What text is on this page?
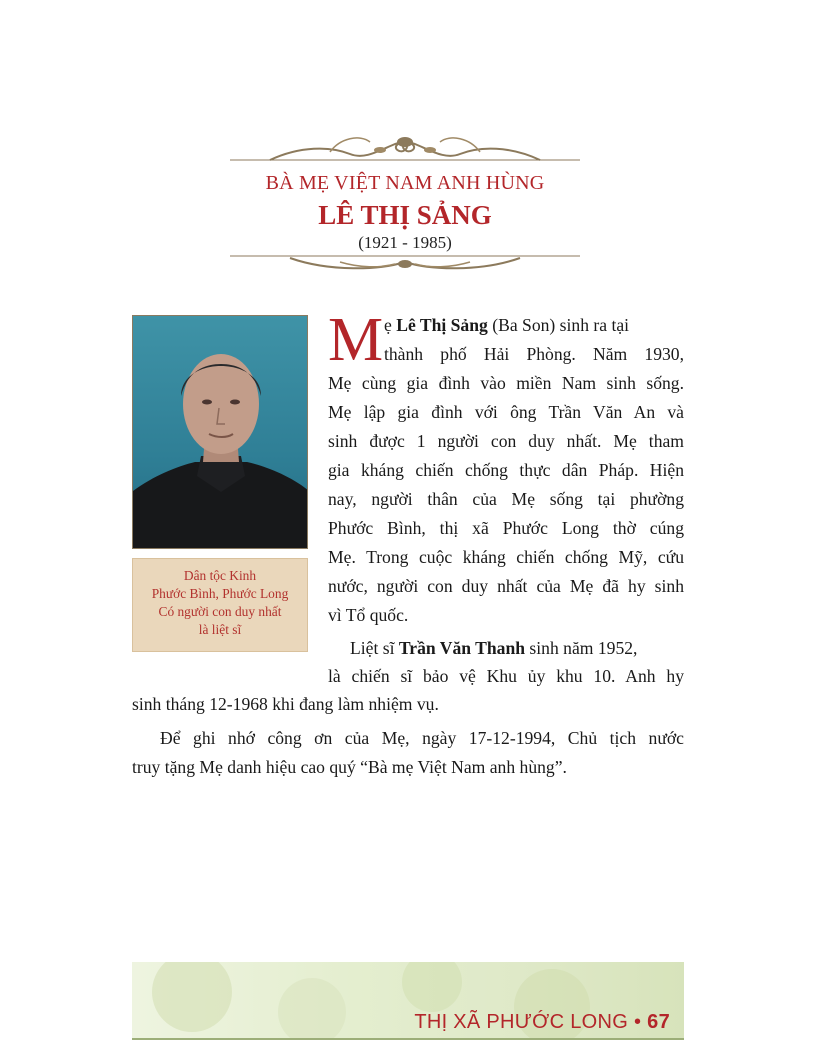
BÀ MẸ VIỆT NAM ANH HÙNG
LÊ THỊ SẢNG
(1921 - 1985)
Dân tộc Kinh
Phước Bình, Phước Long
Có người con duy nhất
là liệt sĩ
M ẹ Lê Thị Sảng (Ba Son) sinh ra tại
thành phố Hải Phòng. Năm 1930,
Mẹ cùng gia đình vào miền Nam sinh sống.
Mẹ lập gia đình với ông Trần Văn An và
sinh được 1 người con duy nhất. Mẹ tham
gia kháng chiến chống thực dân Pháp. Hiện
nay, người thân của Mẹ sống tại phường
Phước Bình, thị xã Phước Long thờ cúng
Mẹ. Trong cuộc kháng chiến chống Mỹ, cứu
nước, người con duy nhất của Mẹ đã hy sinh
vì Tổ quốc.
Liệt sĩ Trần Văn Thanh sinh năm 1952,
là chiến sĩ bảo vệ Khu ủy khu 10. Anh hy
sinh tháng 12-1968 khi đang làm nhiệm vụ.
Để ghi nhớ công ơn của Mẹ, ngày 17-12-1994, Chủ tịch nước
truy tặng Mẹ danh hiệu cao quý “Bà mẹ Việt Nam anh hùng”.
THỊ XÃ PHƯỚC LONG • 67
